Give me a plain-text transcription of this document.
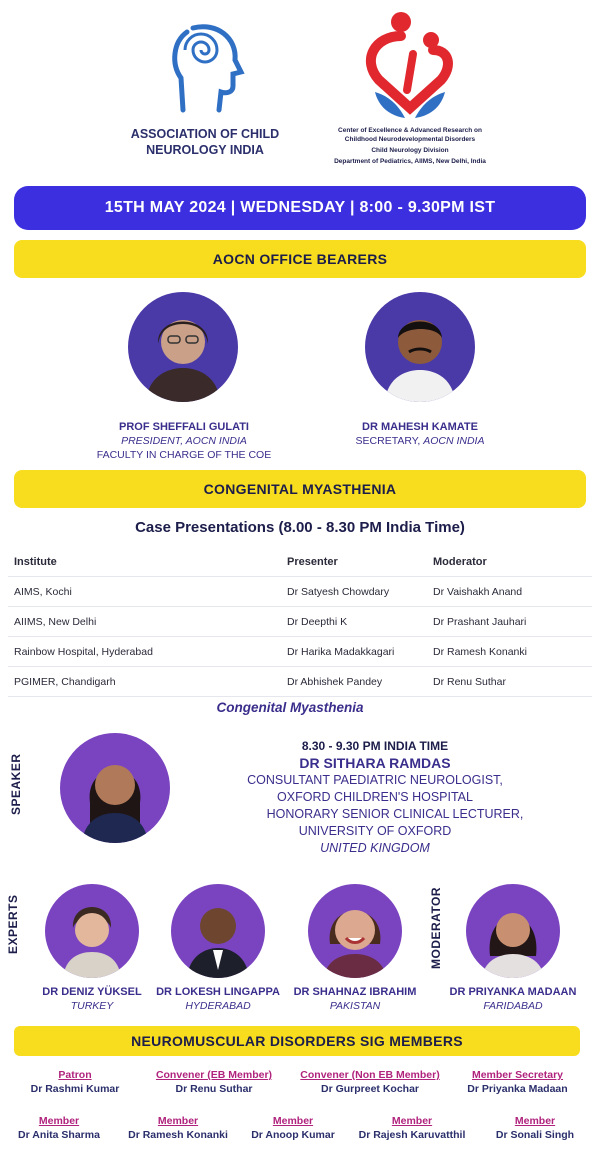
ASSOCIATION OF CHILD
NEUROLOGY INDIA
Center of Excellence & Advanced Research on
Childhood Neurodevelopmental Disorders
Child Neurology Division
Department of Pediatrics, AIIMS, New Delhi, India
15TH MAY 2024 | WEDNESDAY | 8:00 - 9.30PM IST
AOCN OFFICE BEARERS
PROF SHEFFALI GULATI
PRESIDENT, AOCN INDIA
FACULTY IN CHARGE OF THE COE
DR MAHESH KAMATE
SECRETARY, AOCN INDIA
CONGENITAL MYASTHENIA
Case Presentations (8.00 - 8.30 PM India Time)
Institute	Presenter	Moderator
AIMS, Kochi	Dr Satyesh Chowdary	Dr Vaishakh Anand
AIIMS, New Delhi	Dr Deepthi K	Dr Prashant Jauhari
Rainbow Hospital, Hyderabad	Dr Harika Madakkagari	Dr Ramesh Konanki
PGIMER, Chandigarh	Dr Abhishek Pandey	Dr Renu Suthar
Congenital Myasthenia
SPEAKER
8.30 - 9.30 PM INDIA TIME
DR SITHARA RAMDAS
CONSULTANT PAEDIATRIC NEUROLOGIST,
OXFORD CHILDREN'S HOSPITAL
HONORARY SENIOR CLINICAL LECTURER,
UNIVERSITY OF OXFORD
UNITED KINGDOM
EXPERTS	MODERATOR
DR DENIZ YÜKSEL
TURKEY
DR LOKESH LINGAPPA
HYDERABAD
DR SHAHNAZ IBRAHIM
PAKISTAN
DR PRIYANKA MADAAN
FARIDABAD
NEUROMUSCULAR DISORDERS SIG MEMBERS
Patron
Dr Rashmi Kumar
Convener (EB Member)
Dr Renu Suthar
Convener (Non EB Member)
Dr Gurpreet Kochar
Member Secretary
Dr Priyanka Madaan
Member
Dr Anita Sharma
Member
Dr Ramesh Konanki
Member
Dr Anoop Kumar
Member
Dr Rajesh Karuvatthil
Member
Dr Sonali Singh
